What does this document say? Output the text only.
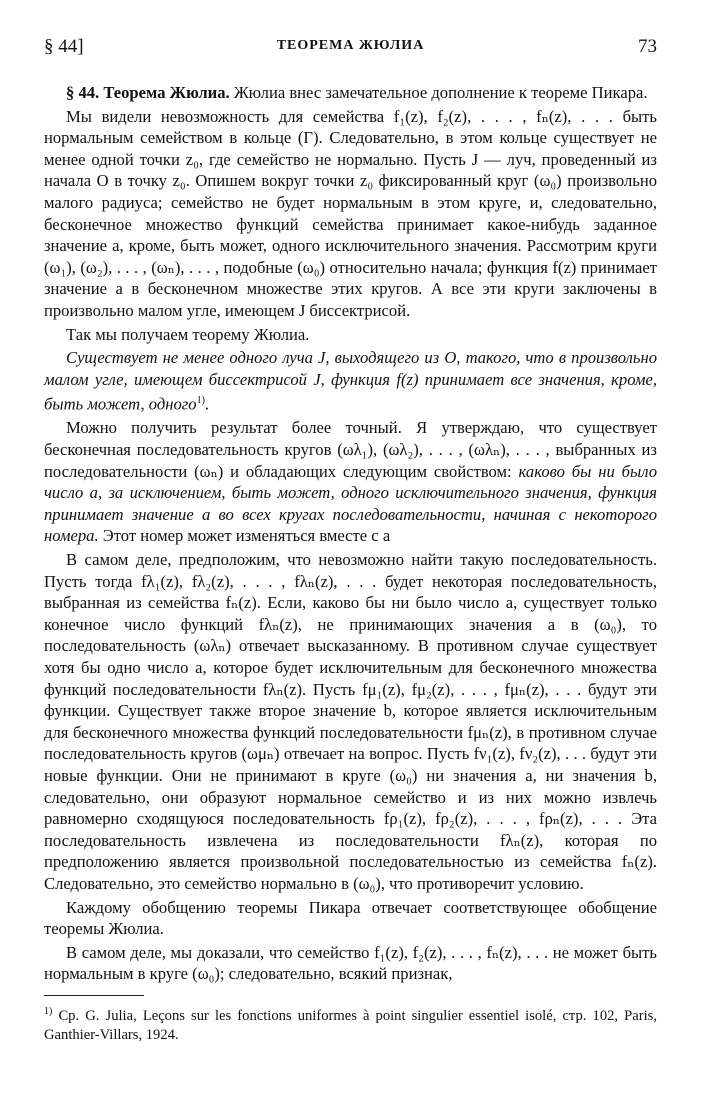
§ 44]	ТЕОРЕМА ЖЮЛИА	73

§ 44. Теорема Жюлиа. Жюлиа внес замечательное дополнение к теореме Пикара.

Мы видели невозможность для семейства f₁(z), f₂(z), . . . , fₙ(z), . . . быть нормальным семейством в кольце (Г). Следовательно, в этом кольце существует не менее одной точки z₀, где семейство не нормально. Пусть J — луч, проведенный из начала O в точку z₀. Опишем вокруг точки z₀ фиксированный круг (ω₀) произвольно малого радиуса; семейство не будет нормальным в этом круге, и, следовательно, бесконечное множество функций семейства принимает какое-нибудь заданное значение a, кроме, быть может, одного исключительного значения. Рассмотрим круги (ω₁), (ω₂), . . . , (ωₙ), . . . , подобные (ω₀) относительно начала; функция f(z) принимает значение a в бесконечном множестве этих кругов. А все эти круги заключены в произвольно малом угле, имеющем J биссектрисой.

Так мы получаем теорему Жюлиа.

Существует не менее одного луча J, выходящего из O, такого, что в произвольно малом угле, имеющем биссектрисой J, функция f(z) принимает все значения, кроме, быть может, одного$^{1)}$.

Можно получить результат более точный. Я утверждаю, что существует бесконечная последовательность кругов (ωλ₁), (ωλ₂), . . . , (ωλₙ), . . . , выбранных из последовательности (ωₙ) и обладающих следующим свойством: каково бы ни было число a, за исключением, быть может, одного исключительного значения, функция принимает значение a во всех кругах последовательности, начиная с некоторого номера. Этот номер может изменяться вместе с a

В самом деле, предположим, что невозможно найти такую последовательность. Пусть тогда fλ₁(z), fλ₂(z), . . . , fλₙ(z), . . . будет некоторая последовательность, выбранная из семейства fₙ(z). Если, каково бы ни было число a, существует только конечное число функций fλₙ(z), не принимающих значения a в (ω₀), то последовательность (ωλₙ) отвечает высказанному. В противном случае существует хотя бы одно число a, которое будет исключительным для бесконечного множества функций последовательности fλₙ(z). Пусть fμ₁(z), fμ₂(z), . . . , fμₙ(z), . . . будут эти функции. Существует также второе значение b, которое является исключительным для бесконечного множества функций последовательности fμₙ(z), в противном случае последовательность кругов (ωμₙ) отвечает на вопрос. Пусть fν₁(z), fν₂(z), . . . будут эти новые функции. Они не принимают в круге (ω₀) ни значения a, ни значения b, следовательно, они образуют нормальное семейство и из них можно извлечь равномерно сходящуюся последовательность fρ₁(z), fρ₂(z), . . . , fρₙ(z), . . . Эта последовательность извлечена из последовательности fλₙ(z), которая по предположению является произвольной последовательностью из семейства fₙ(z). Следовательно, это семейство нормально в (ω₀), что противоречит условию.

Каждому обобщению теоремы Пикара отвечает соответствующее обобщение теоремы Жюлиа.

В самом деле, мы доказали, что семейство f₁(z), f₂(z), . . . , fₙ(z), . . . не может быть нормальным в круге (ω₀); следовательно, всякий признак,

$^{1)}$ Ср. G. Julia, Leçons sur les fonctions uniformes à point singulier essentiel isolé, стр. 102, Paris, Ganthier-Villars, 1924.
